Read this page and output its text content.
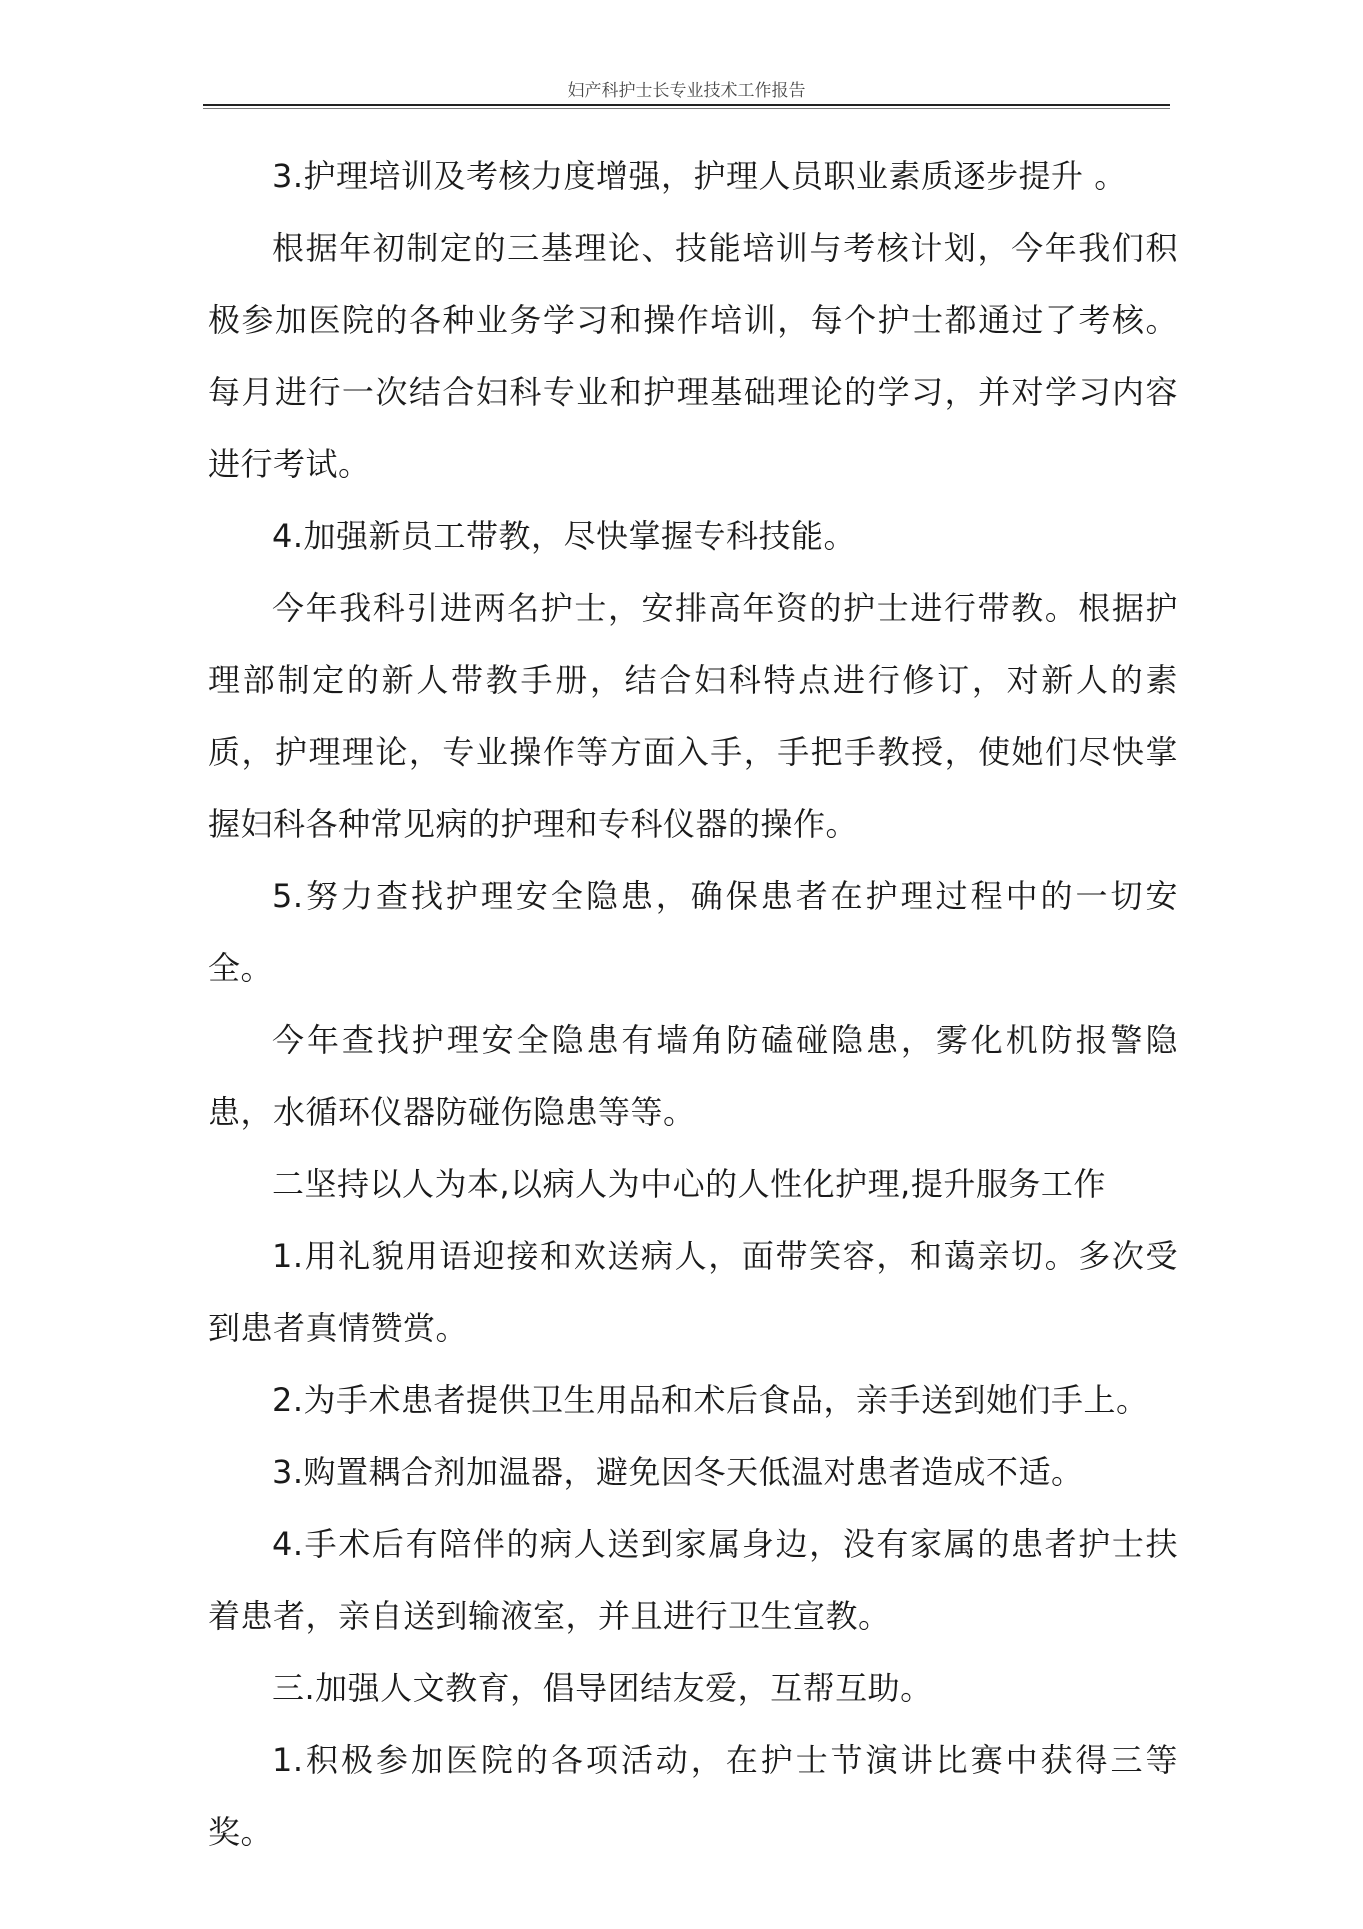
妇产科护士长专业技术工作报告

3.护理培训及考核力度增强，护理人员职业素质逐步提升 。

根据年初制定的三基理论、技能培训与考核计划，今年我们积极参加医院的各种业务学习和操作培训，每个护士都通过了考核。每月进行一次结合妇科专业和护理基础理论的学习，并对学习内容进行考试。

4.加强新员工带教，尽快掌握专科技能。

今年我科引进两名护士，安排高年资的护士进行带教。根据护理部制定的新人带教手册，结合妇科特点进行修订，对新人的素质，护理理论，专业操作等方面入手，手把手教授，使她们尽快掌握妇科各种常见病的护理和专科仪器的操作。

5.努力查找护理安全隐患，确保患者在护理过程中的一切安全。

今年查找护理安全隐患有墙角防磕碰隐患，雾化机防报警隐患，水循环仪器防碰伤隐患等等。

二坚持以人为本,以病人为中心的人性化护理,提升服务工作

1.用礼貌用语迎接和欢送病人，面带笑容，和蔼亲切。多次受到患者真情赞赏。

2.为手术患者提供卫生用品和术后食品，亲手送到她们手上。

3.购置耦合剂加温器，避免因冬天低温对患者造成不适。

4.手术后有陪伴的病人送到家属身边，没有家属的患者护士扶着患者，亲自送到输液室，并且进行卫生宣教。

三.加强人文教育，倡导团结友爱，互帮互助。

1.积极参加医院的各项活动，在护士节演讲比赛中获得三等奖。
